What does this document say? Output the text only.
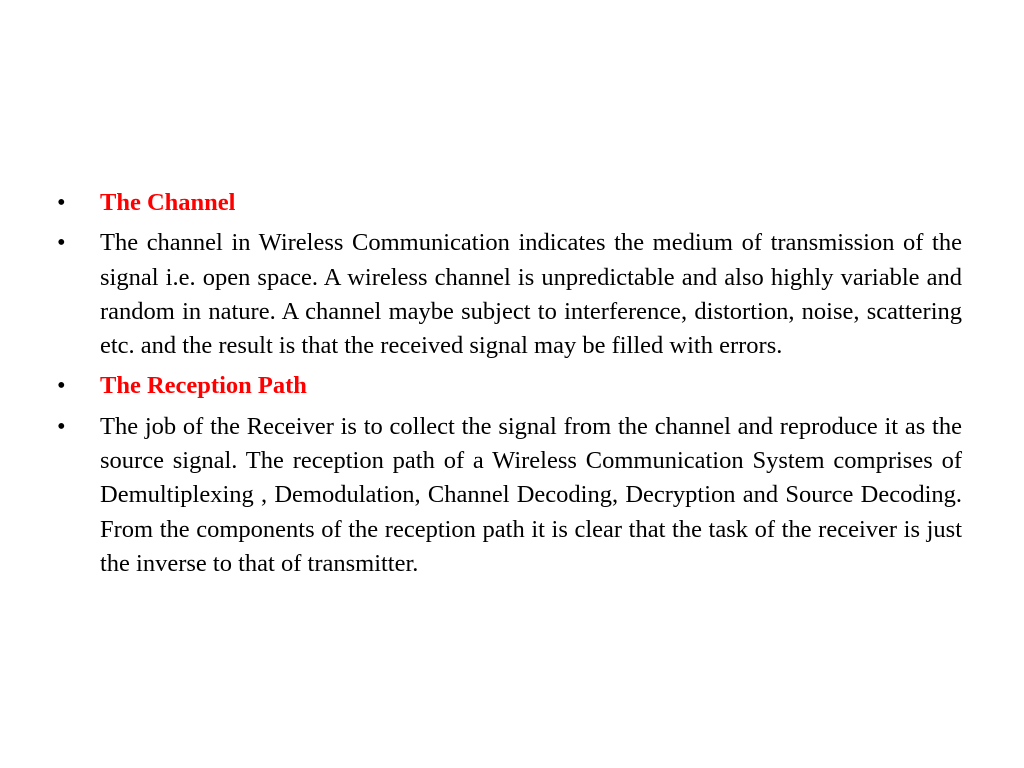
•	The Channel
•	The channel in Wireless Communication indicates the medium of transmission of the signal i.e. open space. A wireless channel is unpredictable and also highly variable and random in nature. A channel maybe subject to interference, distortion, noise, scattering etc. and the result is that the received signal may be filled with errors.
•	The Reception Path
•	The job of the Receiver is to collect the signal from the channel and reproduce it as the source signal. The reception path of a Wireless Communication System comprises of Demultiplexing , Demodulation, Channel Decoding, Decryption and Source Decoding. From the components of the reception path it is clear that the task of the receiver is just the inverse to that of transmitter.
